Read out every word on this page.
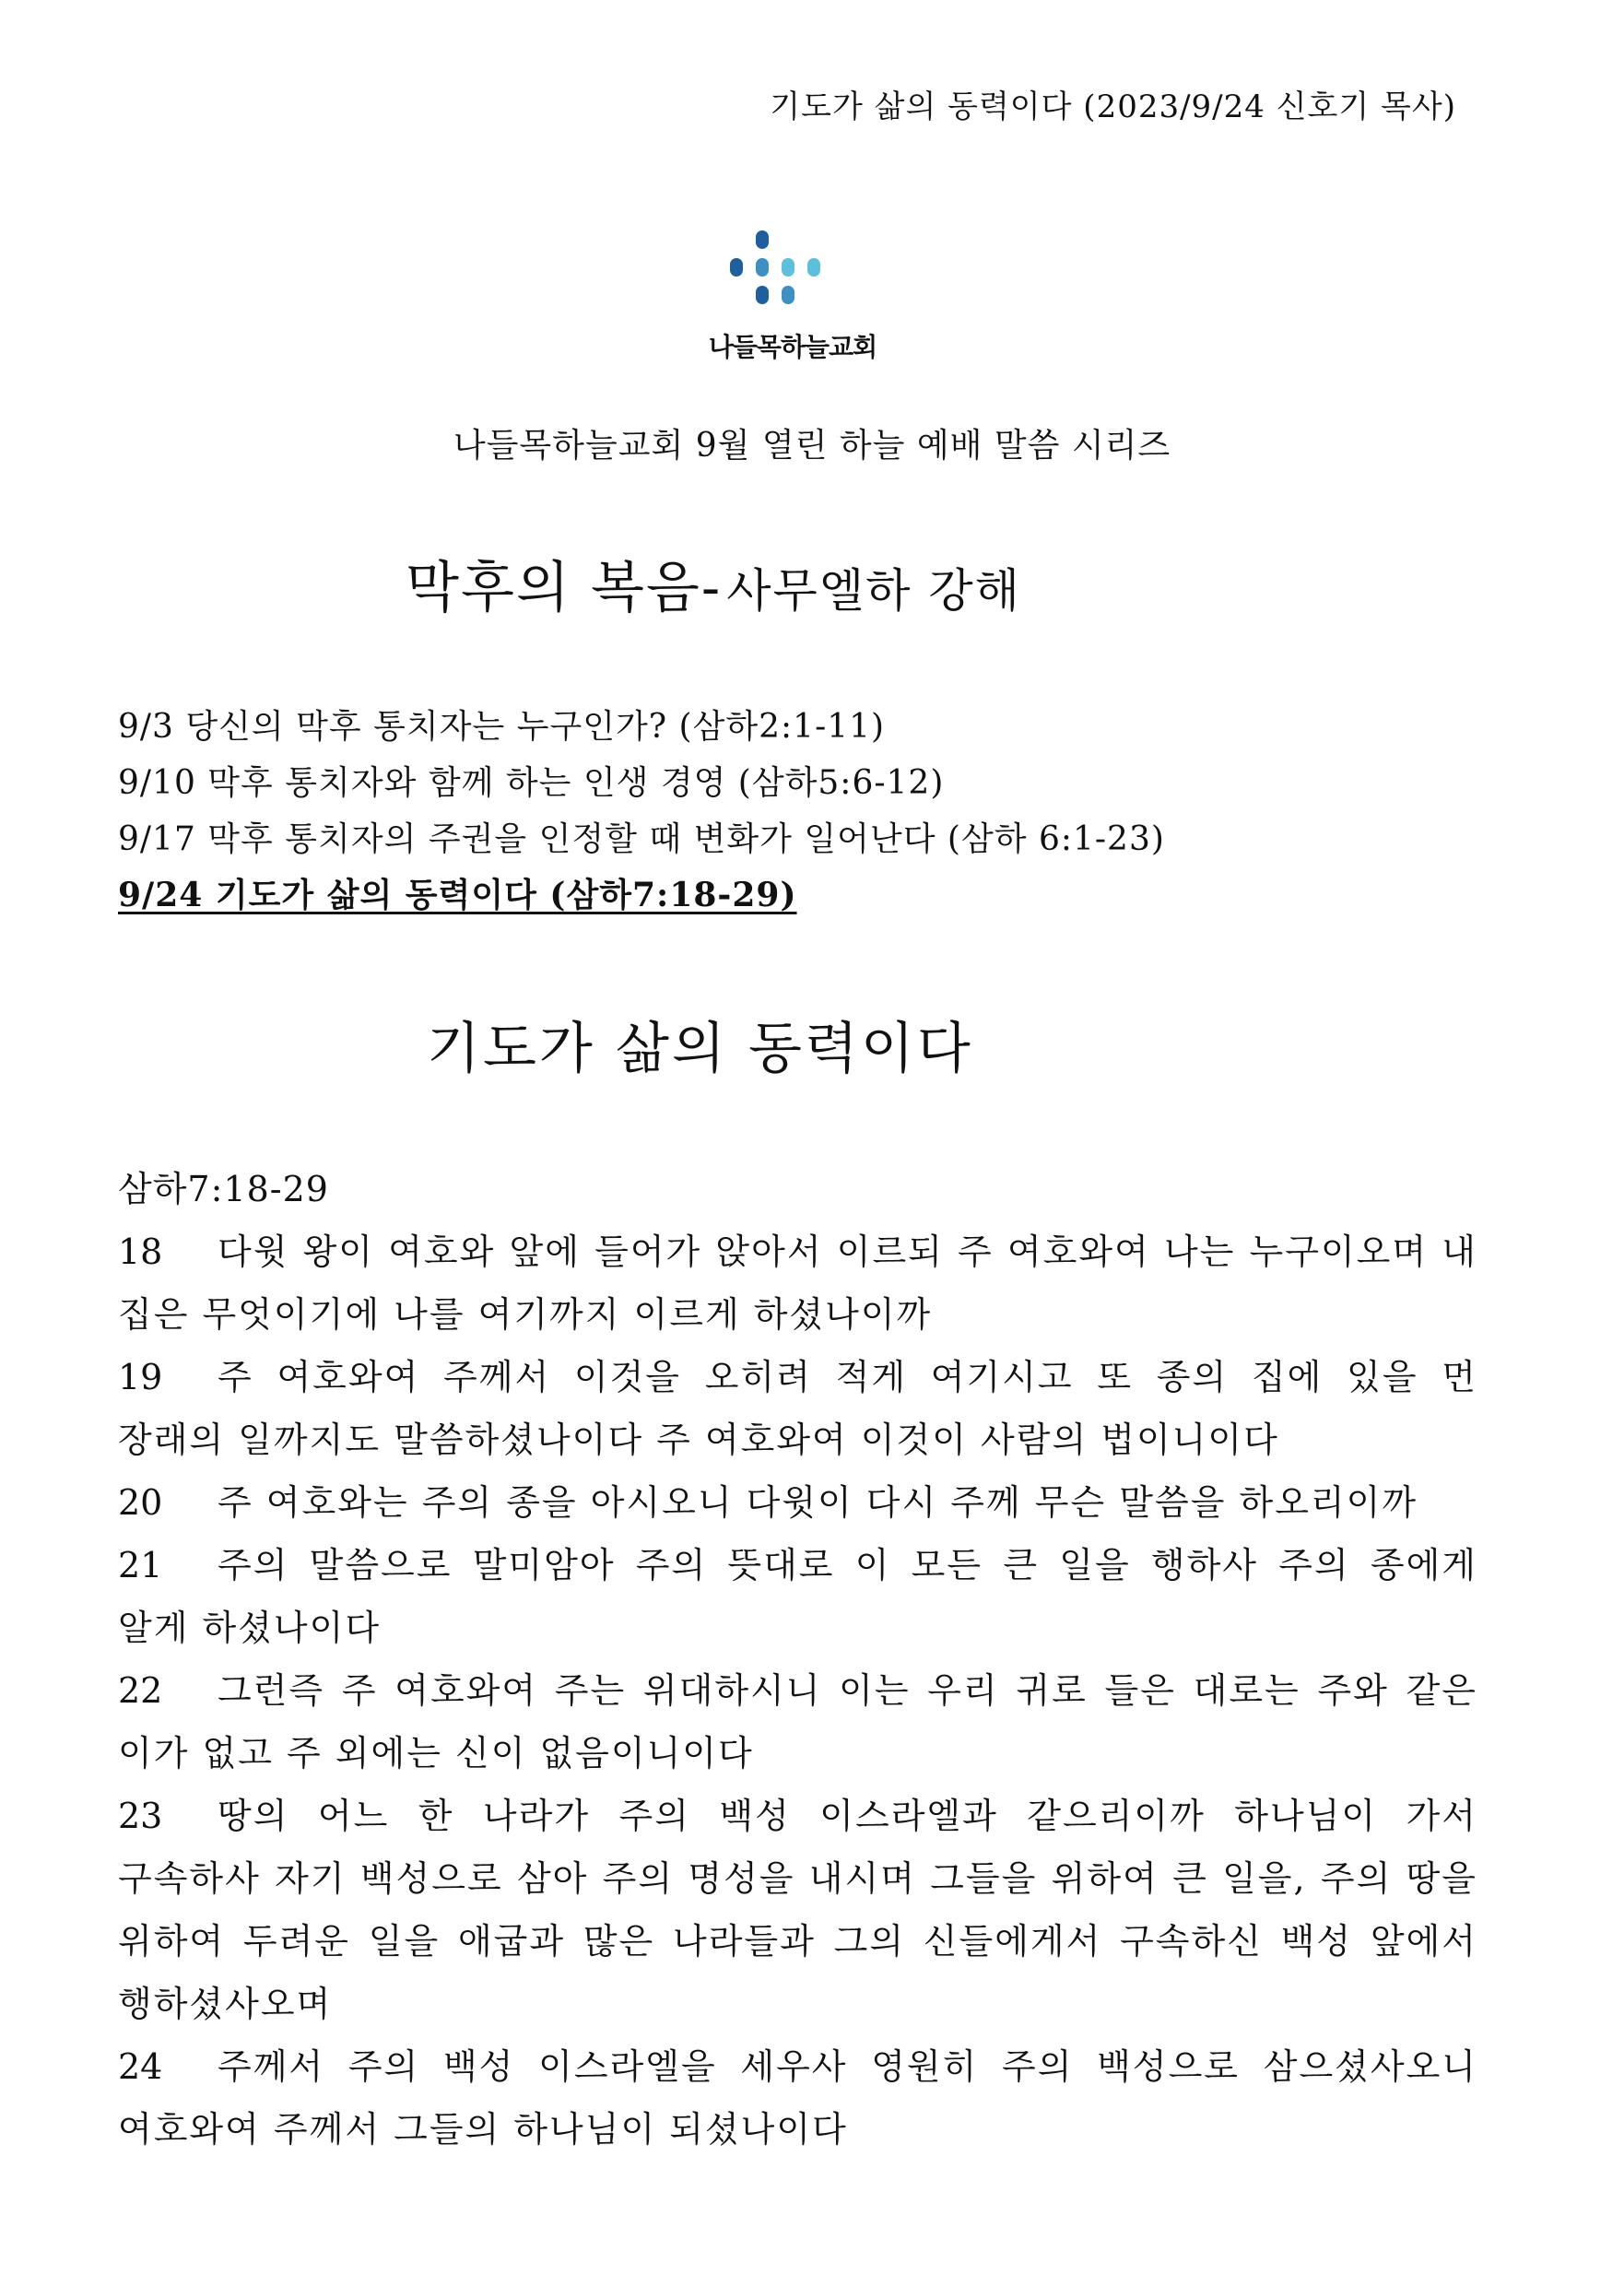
기도가 삶의 동력이다 (2023/9/24 신호기 목사)
나들목하늘교회
나들목하늘교회 9월 열린 하늘 예배 말씀 시리즈
막후의 복음- 사무엘하 강해
9/3 당신의 막후 통치자는 누구인가? (삼하2:1-11)
9/10 막후 통치자와 함께 하는 인생 경영 (삼하5:6-12)
9/17 막후 통치자의 주권을 인정할 때 변화가 일어난다 (삼하 6:1-23)
9/24 기도가 삶의 동력이다 (삼하7:18-29)
기도가 삶의 동력이다
삼하7:18-29
18 다윗 왕이 여호와 앞에 들어가 앉아서 이르되 주 여호와여 나는 누구이오며 내 집은 무엇이기에 나를 여기까지 이르게 하셨나이까
19 주 여호와여 주께서 이것을 오히려 적게 여기시고 또 종의 집에 있을 먼 장래의 일까지도 말씀하셨나이다 주 여호와여 이것이 사람의 법이니이다
20 주 여호와는 주의 종을 아시오니 다윗이 다시 주께 무슨 말씀을 하오리이까
21 주의 말씀으로 말미암아 주의 뜻대로 이 모든 큰 일을 행하사 주의 종에게 알게 하셨나이다
22 그런즉 주 여호와여 주는 위대하시니 이는 우리 귀로 들은 대로는 주와 같은 이가 없고 주 외에는 신이 없음이니이다
23 땅의 어느 한 나라가 주의 백성 이스라엘과 같으리이까 하나님이 가서 구속하사 자기 백성으로 삼아 주의 명성을 내시며 그들을 위하여 큰 일을, 주의 땅을 위하여 두려운 일을 애굽과 많은 나라들과 그의 신들에게서 구속하신 백성 앞에서 행하셨사오며
24 주께서 주의 백성 이스라엘을 세우사 영원히 주의 백성으로 삼으셨사오니 여호와여 주께서 그들의 하나님이 되셨나이다
